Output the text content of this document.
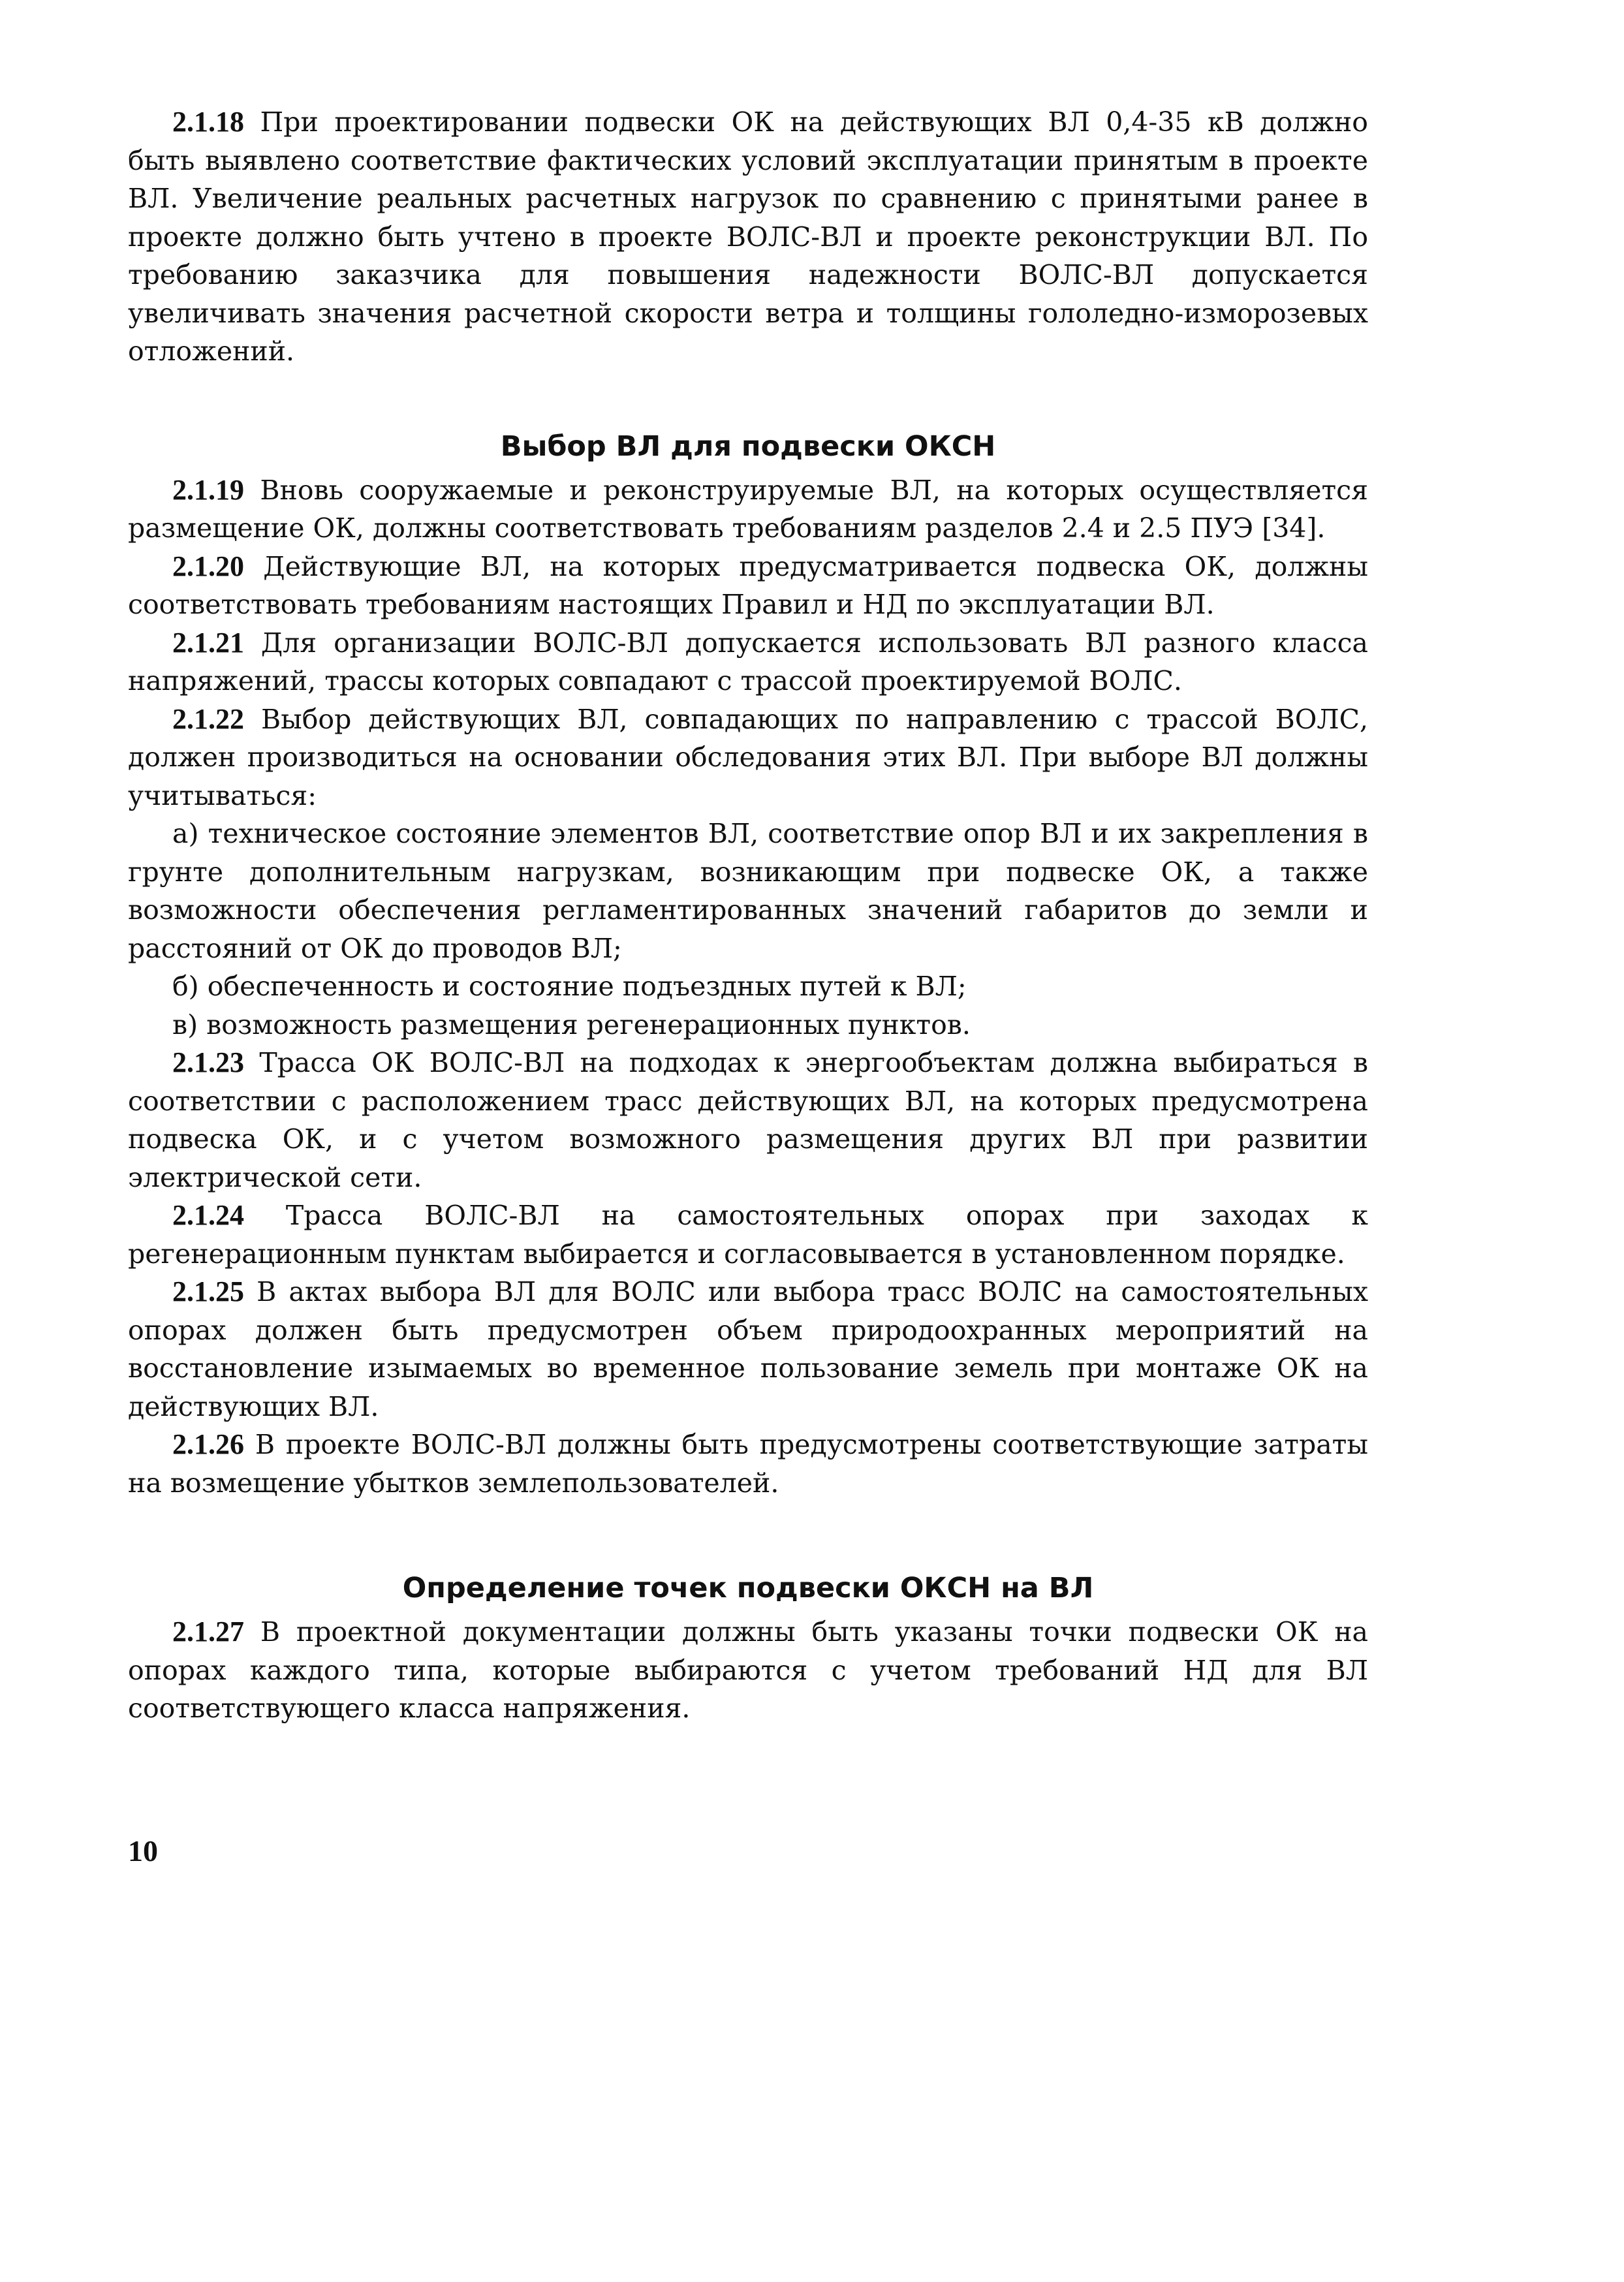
2.1.18 При проектировании подвески ОК на действующих ВЛ 0,4-35 кВ должно быть выявлено соответствие фактических условий эксплуатации принятым в проекте ВЛ. Увеличение реальных расчетных нагрузок по сравнению с принятыми ранее в проекте должно быть учтено в проекте ВОЛС-ВЛ и проекте реконструкции ВЛ. По требованию заказчика для повышения надежности ВОЛС-ВЛ допускается увеличивать значения расчетной скорости ветра и толщины гололедно-изморозевых отложений.

Выбор ВЛ для подвески ОКСН

2.1.19 Вновь сооружаемые и реконструируемые ВЛ, на которых осуществляется размещение ОК, должны соответствовать требованиям разделов 2.4 и 2.5 ПУЭ [34].

2.1.20 Действующие ВЛ, на которых предусматривается подвеска ОК, должны соответствовать требованиям настоящих Правил и НД по эксплуатации ВЛ.

2.1.21 Для организации ВОЛС-ВЛ допускается использовать ВЛ разного класса напряжений, трассы которых совпадают с трассой проектируемой ВОЛС.

2.1.22 Выбор действующих ВЛ, совпадающих по направлению с трассой ВОЛС, должен производиться на основании обследования этих ВЛ. При выборе ВЛ должны учитываться:

а) техническое состояние элементов ВЛ, соответствие опор ВЛ и их закрепления в грунте дополнительным нагрузкам, возникающим при подвеске ОК, а также возможности обеспечения регламентированных значений габаритов до земли и расстояний от ОК до проводов ВЛ;

б) обеспеченность и состояние подъездных путей к ВЛ;

в) возможность размещения регенерационных пунктов.

2.1.23 Трасса ОК ВОЛС-ВЛ на подходах к энергообъектам должна выбираться в соответствии с расположением трасс действующих ВЛ, на которых предусмотрена подвеска ОК, и с учетом возможного размещения других ВЛ при развитии электрической сети.

2.1.24 Трасса ВОЛС-ВЛ на самостоятельных опорах при заходах к регенерационным пунктам выбирается и согласовывается в установленном порядке.

2.1.25 В актах выбора ВЛ для ВОЛС или выбора трасс ВОЛС на самостоятельных опорах должен быть предусмотрен объем природоохранных мероприятий на восстановление изымаемых во временное пользование земель при монтаже ОК на действующих ВЛ.

2.1.26 В проекте ВОЛС-ВЛ должны быть предусмотрены соответствующие затраты на возмещение убытков землепользователей.

Определение точек подвески ОКСН на ВЛ

2.1.27 В проектной документации должны быть указаны точки подвески ОК на опорах каждого типа, которые выбираются с учетом требований НД для ВЛ соответствующего класса напряжения.

10
